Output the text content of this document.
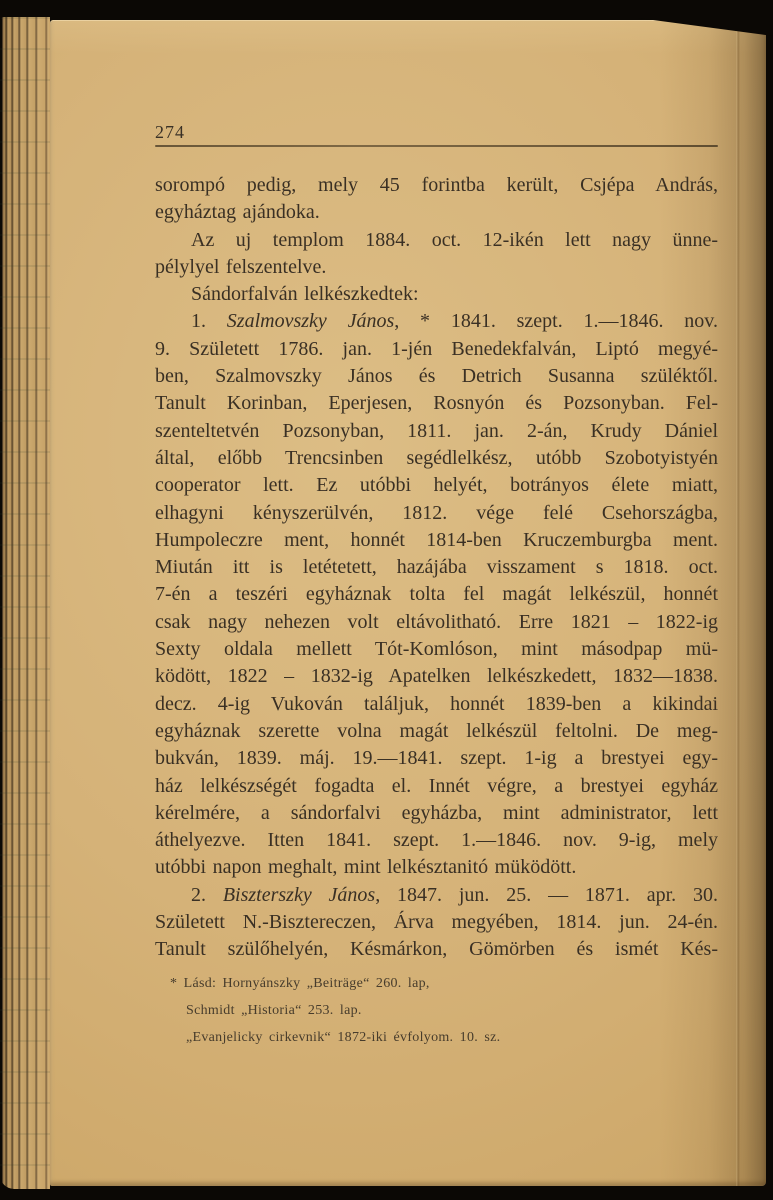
274
sorompó pedig, mely 45 forintba került, Csjépa András,
egyháztag ajándoka.
Az uj templom 1884. oct. 12-ikén lett nagy ünne-
pélylyel felszentelve.
Sándorfalván lelkészkedtek:
1. Szalmovszky János, * 1841. szept. 1.—1846. nov.
9. Született 1786. jan. 1-jén Benedekfalván, Liptó megyé-
ben, Szalmovszky János és Detrich Susanna szüléktől.
Tanult Korinban, Eperjesen, Rosnyón és Pozsonyban. Fel-
szenteltetvén Pozsonyban, 1811. jan. 2-án, Krudy Dániel
által, előbb Trencsinben segédlelkész, utóbb Szobotyistyén
cooperator lett. Ez utóbbi helyét, botrányos élete miatt,
elhagyni kényszerülvén, 1812. vége felé Csehországba,
Humpoleczre ment, honnét 1814-ben Kruczemburgba ment.
Miután itt is letétetett, hazájába visszament s 1818. oct.
7-én a teszéri egyháznak tolta fel magát lelkészül, honnét
csak nagy nehezen volt eltávolitható. Erre 1821 – 1822-ig
Sexty oldala mellett Tót-Komlóson, mint másodpap mü-
ködött, 1822 – 1832-ig Apatelken lelkészkedett, 1832—1838.
decz. 4-ig Vukován találjuk, honnét 1839-ben a kikindai
egyháznak szerette volna magát lelkészül feltolni. De meg-
bukván, 1839. máj. 19.—1841. szept. 1-ig a brestyei egy-
ház lelkészségét fogadta el. Innét végre, a brestyei egyház
kérelmére, a sándorfalvi egyházba, mint administrator, lett
áthelyezve. Itten 1841. szept. 1.—1846. nov. 9-ig, mely
utóbbi napon meghalt, mint lelkésztanitó müködött.
2. Biszterszky János, 1847. jun. 25. — 1871. apr. 30.
Született N.-Bisztereczen, Árva megyében, 1814. jun. 24-én.
Tanult szülőhelyén, Késmárkon, Gömörben és ismét Kés-
* Lásd: Hornyánszky „Beiträge“ 260. lap,
Schmidt „Historia“ 253. lap.
„Evanjelicky cirkevnik“ 1872-iki évfolyom. 10. sz.
